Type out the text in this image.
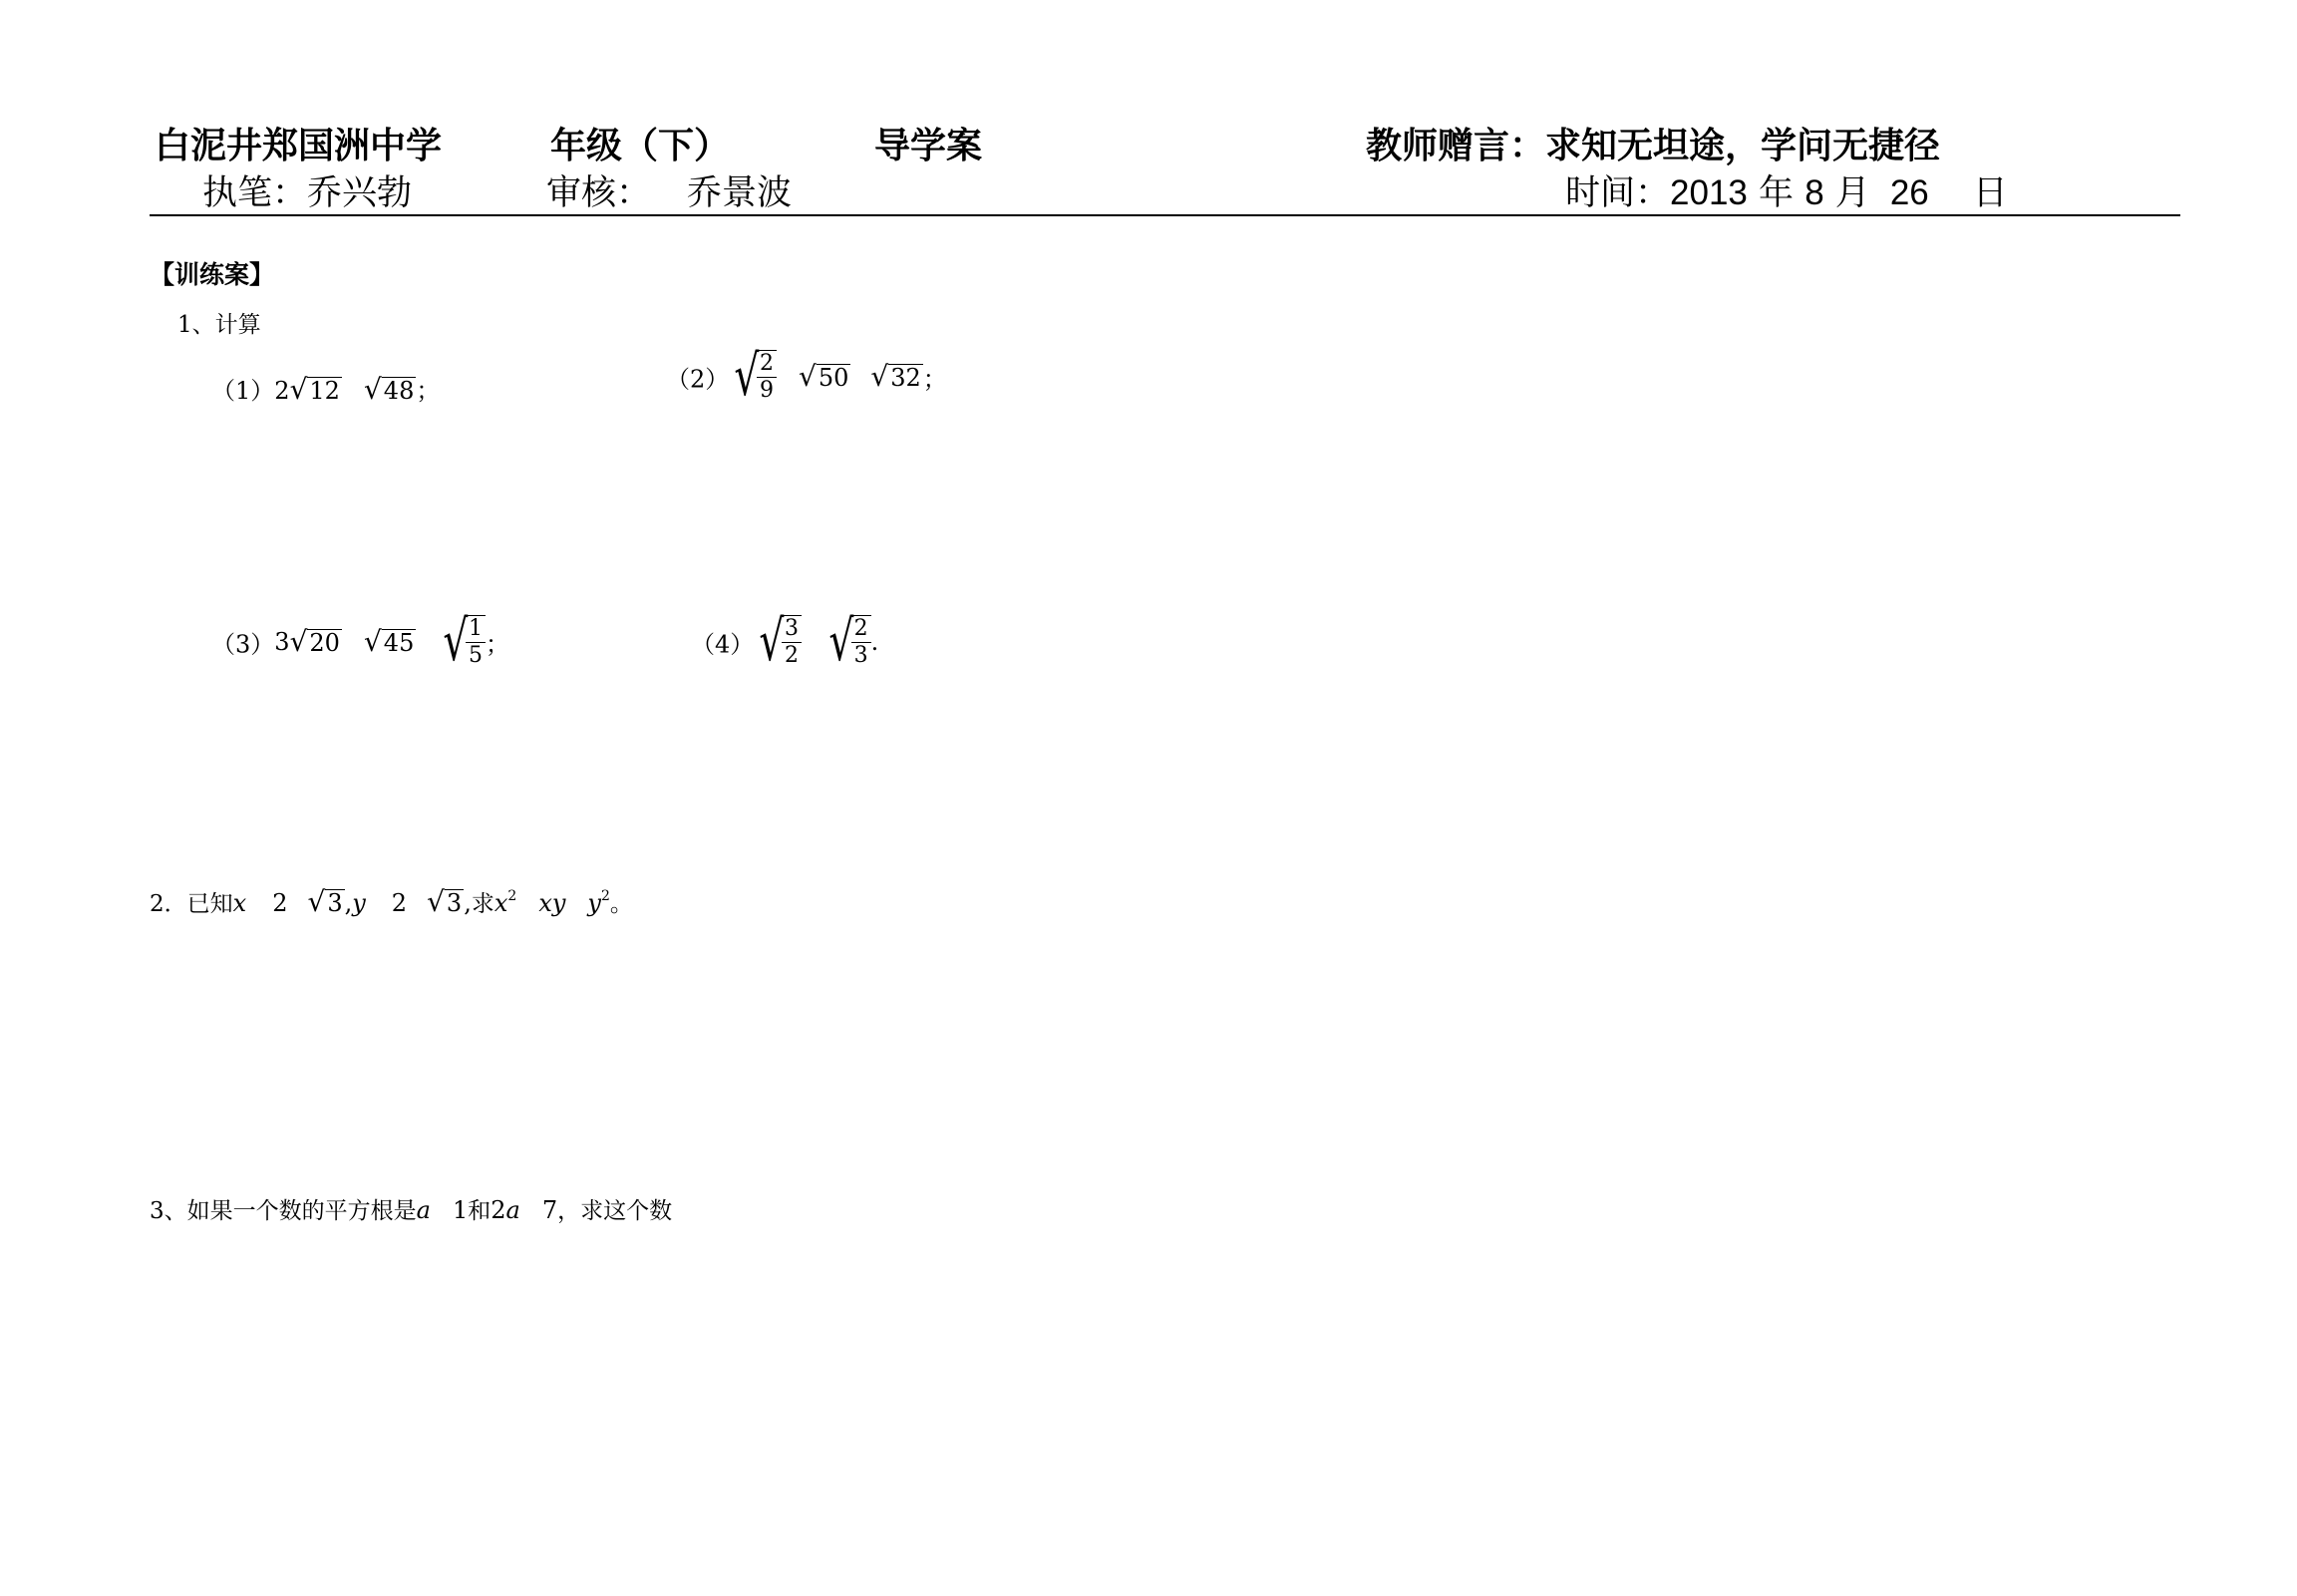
白泥井郑国洲中学	年级（下）	导学案	教师赠言：求知无坦途，学问无捷径
执笔：乔兴勃	审核： 乔景波	时间：2013 年 8 月 26 日
【训练案】
1、计算
（1）2√12 √48；	（2）√
$\frac{2}{9} √50$ √32；
（3）3√20 √45 √
$\frac{1}{5}$ ；	（4）√
$\frac{3}{2}$ √
$\frac{2}{3}$ .
2．已知x 2 √3,y 2 √3,求$x^2$ xy $y^2$。
3、如果一个数的平方根是a 1和2a 7，求这个数
